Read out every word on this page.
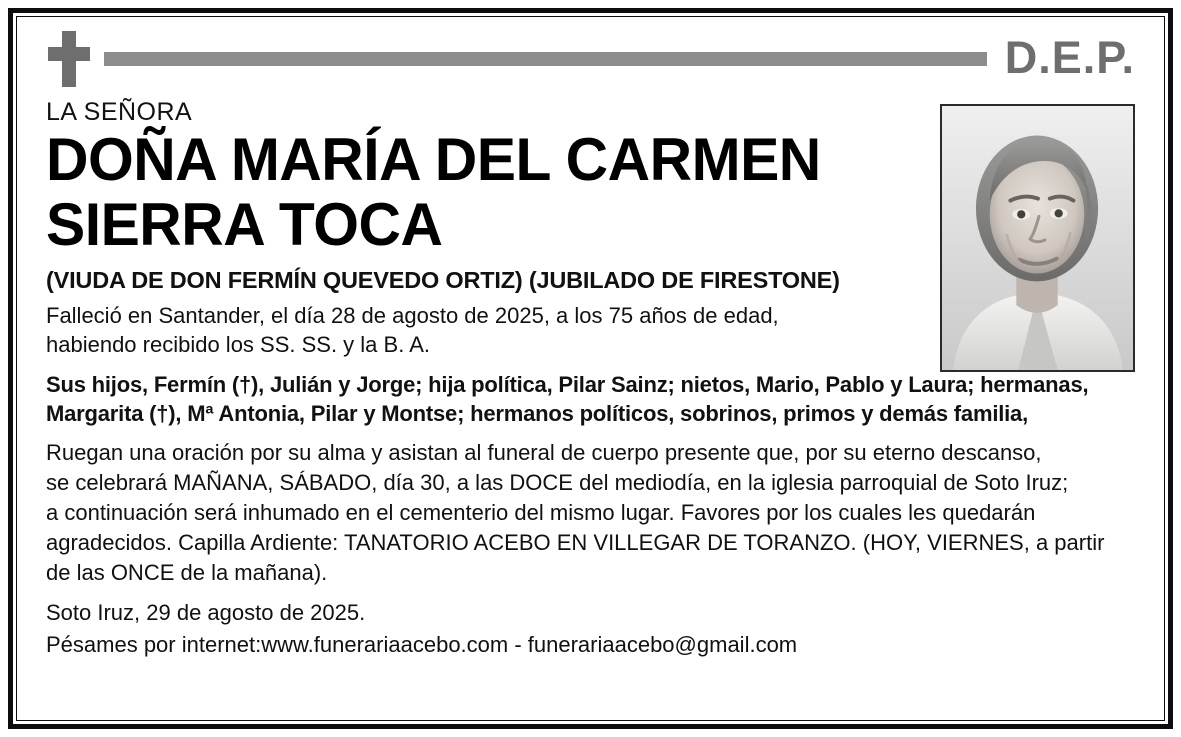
D.E.P.
LA SEÑORA
DOÑA MARÍA DEL CARMEN
SIERRA TOCA
(VIUDA DE DON FERMÍN QUEVEDO ORTIZ) (JUBILADO DE FIRESTONE)
Falleció en Santander, el día 28 de agosto de 2025, a los 75 años de edad,
habiendo recibido los SS. SS. y la B. A.
Sus hijos, Fermín (†), Julián y Jorge; hija política, Pilar Sainz; nietos, Mario, Pablo y Laura; hermanas,
Margarita (†), Mª Antonia, Pilar y Montse; hermanos políticos, sobrinos, primos y demás familia,
Ruegan una oración por su alma y asistan al funeral de cuerpo presente que, por su eterno descanso,
se celebrará MAÑANA, SÁBADO, día 30, a las DOCE del mediodía, en la iglesia parroquial de Soto Iruz;
a continuación será inhumado en el cementerio del mismo lugar. Favores por los cuales les quedarán
agradecidos. Capilla Ardiente: TANATORIO ACEBO EN VILLEGAR DE TORANZO. (HOY, VIERNES, a partir
de las ONCE de la mañana).
Soto Iruz, 29 de agosto de 2025.
Pésames por internet:www.funerariaacebo.com - funerariaacebo@gmail.com
